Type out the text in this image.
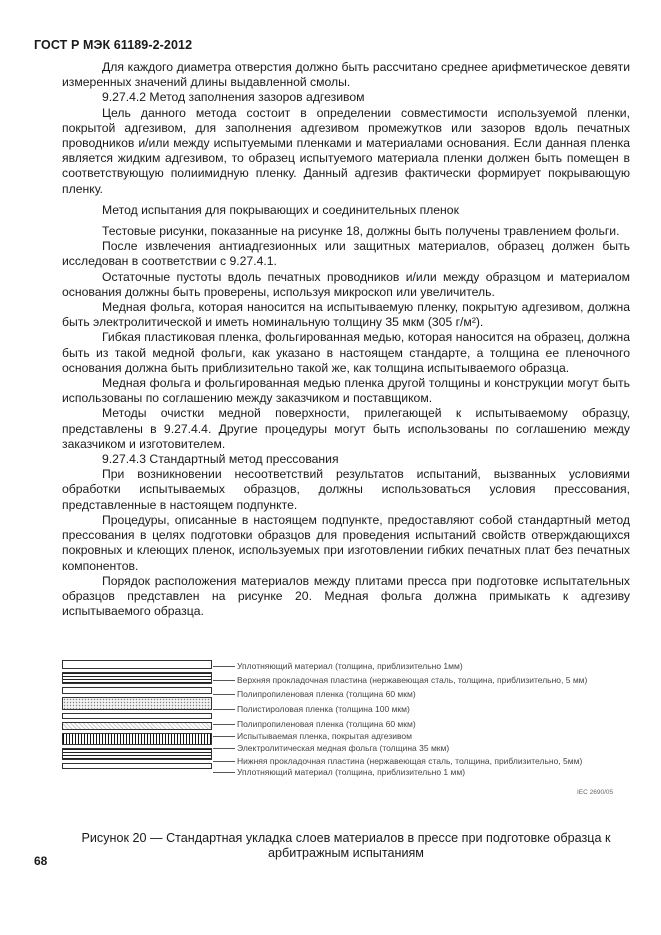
ГОСТ Р МЭК 61189-2-2012

Для каждого диаметра отверстия должно быть рассчитано среднее арифметическое девяти измеренных значений длины выдавленной смолы.

9.27.4.2 Метод заполнения зазоров адгезивом

Цель данного метода состоит в определении совместимости используемой пленки, покрытой адгезивом, для заполнения адгезивом промежутков или зазоров вдоль печатных проводников и/или между испытуемыми пленками и материалами основания. Если данная пленка является жидким адгезивом, то образец испытуемого материала пленки должен быть помещен в соответствующую полиимидную пленку. Данный адгезив фактически формирует покрывающую пленку.

Метод испытания для покрывающих и соединительных пленок

Тестовые рисунки, показанные на рисунке 18, должны быть получены травлением фольги.

После извлечения антиадгезионных или защитных материалов, образец должен быть исследован в соответствии с 9.27.4.1.

Остаточные пустоты вдоль печатных проводников и/или между образцом и материалом основания должны быть проверены, используя микроскоп или увеличитель.

Медная фольга, которая наносится на испытываемую пленку, покрытую адгезивом, должна быть электролитической и иметь номинальную толщину 35 мкм (305 г/м²).

Гибкая пластиковая пленка, фольгированная медью, которая наносится на образец, должна быть из такой медной фольги, как указано в настоящем стандарте, а толщина ее пленочного основания должна быть приблизительно такой же, как толщина испытываемого образца.

Медная фольга и фольгированная медью пленка другой толщины и конструкции могут быть использованы по соглашению между заказчиком и поставщиком.

Методы очистки медной поверхности, прилегающей к испытываемому образцу, представлены в 9.27.4.4. Другие процедуры могут быть использованы по соглашению между заказчиком и изготовителем.

9.27.4.3 Стандартный метод прессования

При возникновении несоответствий результатов испытаний, вызванных условиями обработки испытываемых образцов, должны использоваться условия прессования, представленные в настоящем подпункте.

Процедуры, описанные в настоящем подпункте, предоставляют собой стандартный метод прессования в целях подготовки образцов для проведения испытаний свойств отверждающихся покровных и клеющих пленок, используемых при изготовлении гибких печатных плат без печатных компонентов.

Порядок расположения материалов между плитами пресса при подготовке испытательных образцов представлен на рисунке 20. Медная фольга должна примыкать к адгезиву испытываемого образца.

Уплотняющий материал (толщина, приблизительно 1мм)
Верхняя прокладочная пластина (нержавеющая сталь, толщина, приблизительно, 5 мм)
Полипропиленовая пленка (толщина 60 мкм)
Полистироловая пленка (толщина 100 мкм)
Полипропиленовая пленка (толщина 60 мкм)
Испытываемая пленка, покрытая адгезивом
Электролитическая медная фольга (толщина 35 мкм)
Нижняя прокладочная пластина (нержавеющая сталь, толщина, приблизительно, 5мм)
Уплотняющий материал (толщина, приблизительно 1 мм)
IEC 2690/05
Рисунок 20 — Стандартная укладка слоев материалов в прессе при подготовке образца к арбитражным испытаниям
68
